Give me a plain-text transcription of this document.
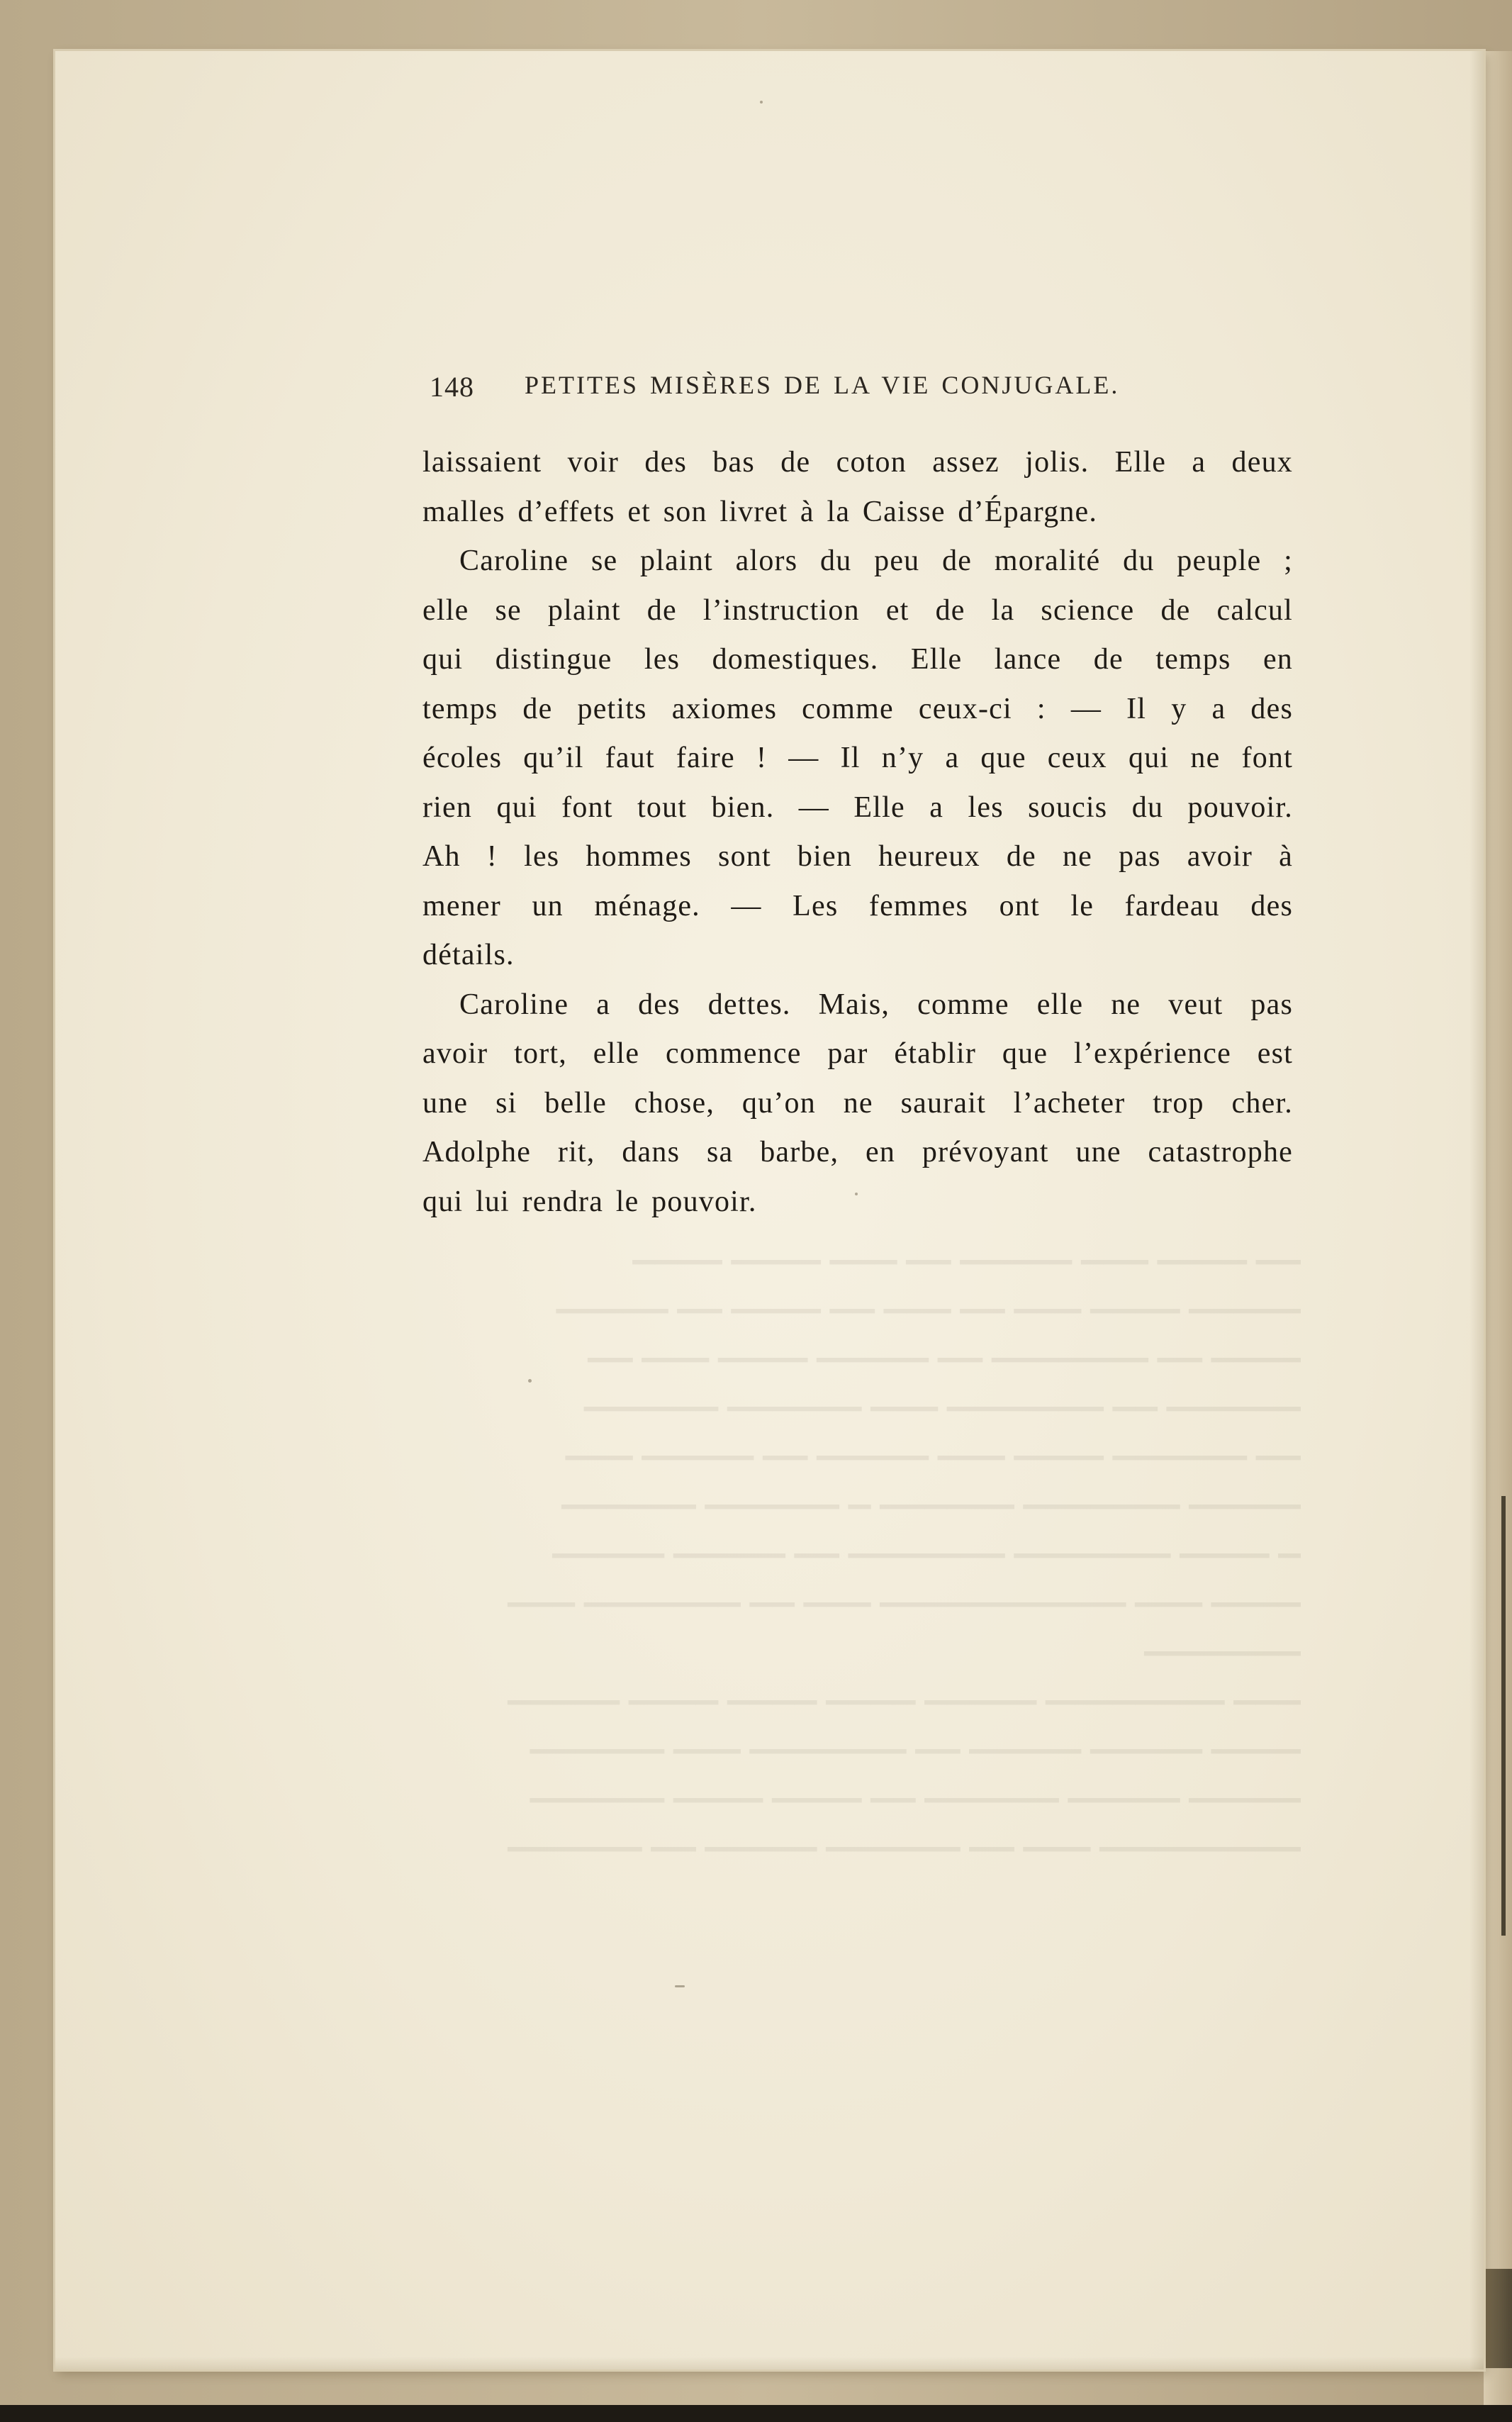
148 PETITES MISÈRES DE LA VIE CONJUGALE.
laissaient voir des bas de coton assez jolis. Elle a deux
malles d’effets et son livret à la Caisse d’Épargne.
Caroline se plaint alors du peu de moralité du peuple ;
elle se plaint de l’instruction et de la science de calcul
qui distingue les domestiques. Elle lance de temps en
temps de petits axiomes comme ceux-ci : — Il y a des
écoles qu’il faut faire ! — Il n’y a que ceux qui ne font
rien qui font tout bien. — Elle a les soucis du pouvoir.
Ah ! les hommes sont bien heureux de ne pas avoir à
mener un ménage. — Les femmes ont le fardeau des
détails.
Caroline a des dettes. Mais, comme elle ne veut pas
avoir tort, elle commence par établir que l’expérience est
une si belle chose, qu’on ne saurait l’acheter trop cher.
Adolphe rit, dans sa barbe, en prévoyant une catastrophe
qui lui rendra le pouvoir.
